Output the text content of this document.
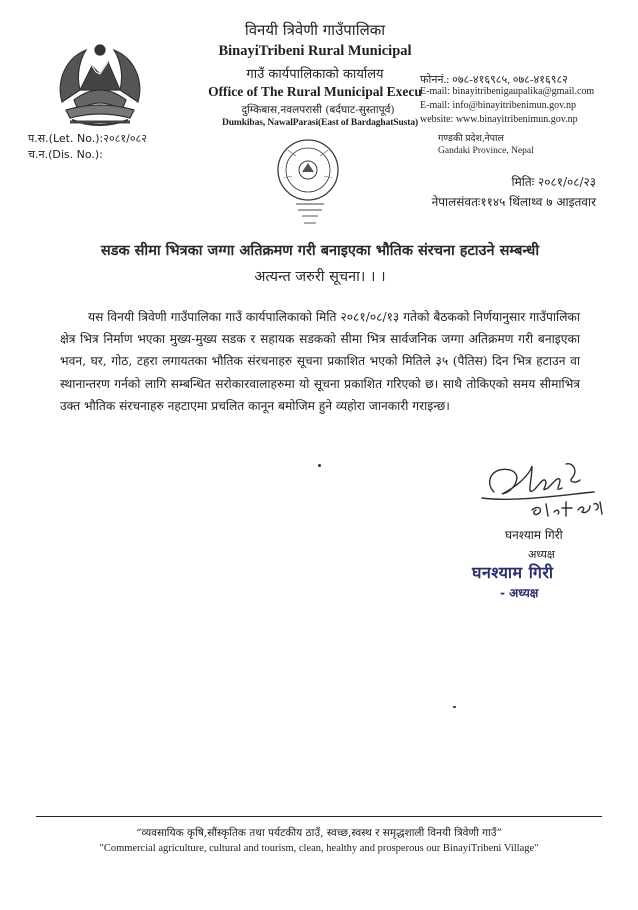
विनयी त्रिवेणी गाउँपालिका
BinayiTribeni Rural Municipal
गाउँ कार्यपालिकाको कार्यालय
Office of The Rural Municipal Execu
दुम्किबास,नवलपरासी (बर्दघाट-सुस्तापूर्व)
Dumkibas, NawalParasi(East of BardaghatSusta)
फोननं.: ०७८-४१६९८५, ०७८-४१६९८२
E-mail: binayitribenigaupalika@gmail.com
E-mail: info@binayitribenimun.gov.np
website: www.binayitribenimun.gov.np
गण्डकी प्रदेश,नेपाल
Gandaki Province, Nepal
प.स.(Let. No.):२०८१/०८२
च.न.(Dis. No.):
मितिः २०८१/०८/२३
नेपालसंवतः११४५ थिंलाथ्व ७ आइतवार
सडक सीमा भित्रका जग्गा अतिक्रमण गरी बनाइएका भौतिक संरचना हटाउने सम्बन्धी
अत्यन्त जरुरी सूचना। । ।
यस विनयी त्रिवेणी गाउँपालिका गाउँ कार्यपालिकाको मिति २०८१/०८/१३ गतेको बैठकको निर्णयानुसार गाउँपालिका क्षेत्र भित्र निर्माण भएका मुख्य-मुख्य सडक र सहायक सडकको सीमा भित्र सार्वजनिक जग्गा अतिक्रमण गरी बनाइएका भवन, घर, गोठ, टहरा लगायतका भौतिक संरचनाहरु सूचना प्रकाशित भएको मितिले ३५ (पैतिस) दिन भित्र हटाउन वा स्थानान्तरण गर्नको लागि सम्बन्धित सरोकारवालाहरुमा यो सूचना प्रकाशित गरिएको छ। साथै तोकिएको समय सीमाभित्र उक्त भौतिक संरचनाहरु नहटाएमा प्रचलित कानून बमोजिम हुने व्यहोरा जानकारी गराइन्छ।
घनश्याम गिरी
अध्यक्ष
घनश्याम गिरी
- अध्यक्ष
“व्यवसायिक कृषि,सौंस्कृतिक तथा पर्यटकीय ठाउँ, स्वच्छ,स्वस्थ र समृद्धशाली विनयी त्रिवेणी गाउँ”
"Commercial agriculture, cultural and tourism, clean, healthy and prosperous our BinayiTribeni Village"
